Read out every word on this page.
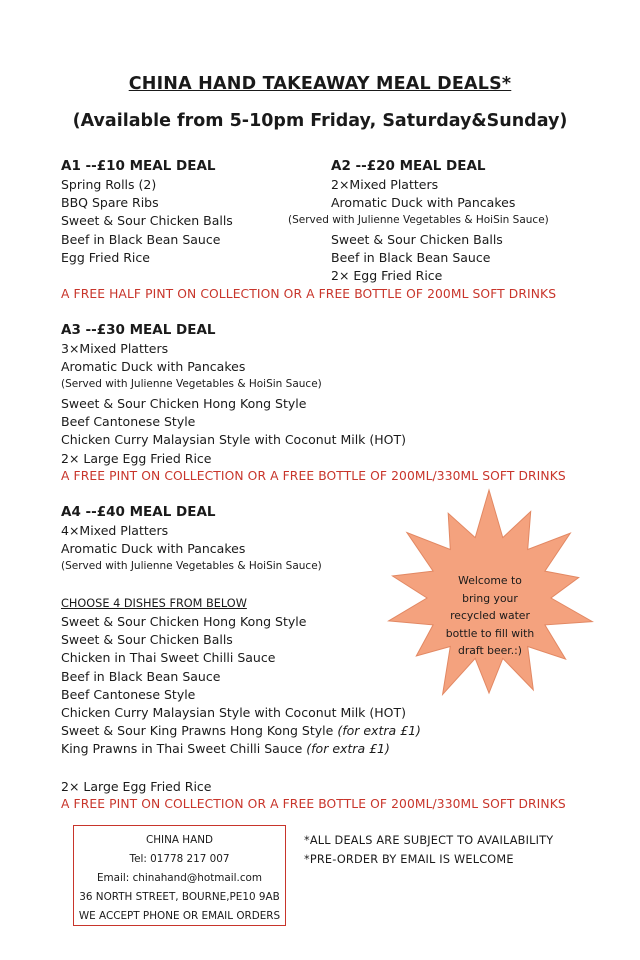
CHINA HAND TAKEAWAY MEAL DEALS*
(Available from 5-10pm Friday, Saturday&Sunday)
A1 --£10 MEAL DEAL
Spring Rolls (2)
BBQ Spare Ribs
Sweet & Sour Chicken Balls
Beef in Black Bean Sauce
Egg Fried Rice
A2 --£20 MEAL DEAL
2×Mixed Platters
Aromatic Duck with Pancakes
(Served with Julienne Vegetables & HoiSin Sauce)
Sweet & Sour Chicken Balls
Beef in Black Bean Sauce
2× Egg Fried Rice
A FREE HALF PINT ON COLLECTION OR A FREE BOTTLE OF 200ML SOFT DRINKS
A3 --£30 MEAL DEAL
3×Mixed Platters
Aromatic Duck with Pancakes
(Served with Julienne Vegetables & HoiSin Sauce)
Sweet & Sour Chicken Hong Kong Style
Beef Cantonese Style
Chicken Curry Malaysian Style with Coconut Milk (HOT)
2× Large Egg Fried Rice
A FREE PINT ON COLLECTION OR A FREE BOTTLE OF 200ML/330ML SOFT DRINKS
A4 --£40 MEAL DEAL
4×Mixed Platters
Aromatic Duck with Pancakes
(Served with Julienne Vegetables & HoiSin Sauce)
CHOOSE 4 DISHES FROM BELOW
Sweet & Sour Chicken Hong Kong Style
Sweet & Sour Chicken Balls
Chicken in Thai Sweet Chilli Sauce
Beef in Black Bean Sauce
Beef Cantonese Style
Chicken Curry Malaysian Style with Coconut Milk (HOT)
Sweet & Sour King Prawns Hong Kong Style (for extra £1)
King Prawns in Thai Sweet Chilli Sauce (for extra £1)
2× Large Egg Fried Rice
A FREE PINT ON COLLECTION OR A FREE BOTTLE OF 200ML/330ML SOFT DRINKS
Welcome to
bring your
recycled water
bottle to fill with
draft beer.:)
CHINA HAND
Tel: 01778 217 007
Email: chinahand@hotmail.com
36 NORTH STREET, BOURNE,PE10 9AB
WE ACCEPT PHONE OR EMAIL ORDERS
*ALL DEALS ARE SUBJECT TO AVAILABILITY
*PRE-ORDER BY EMAIL IS WELCOME
